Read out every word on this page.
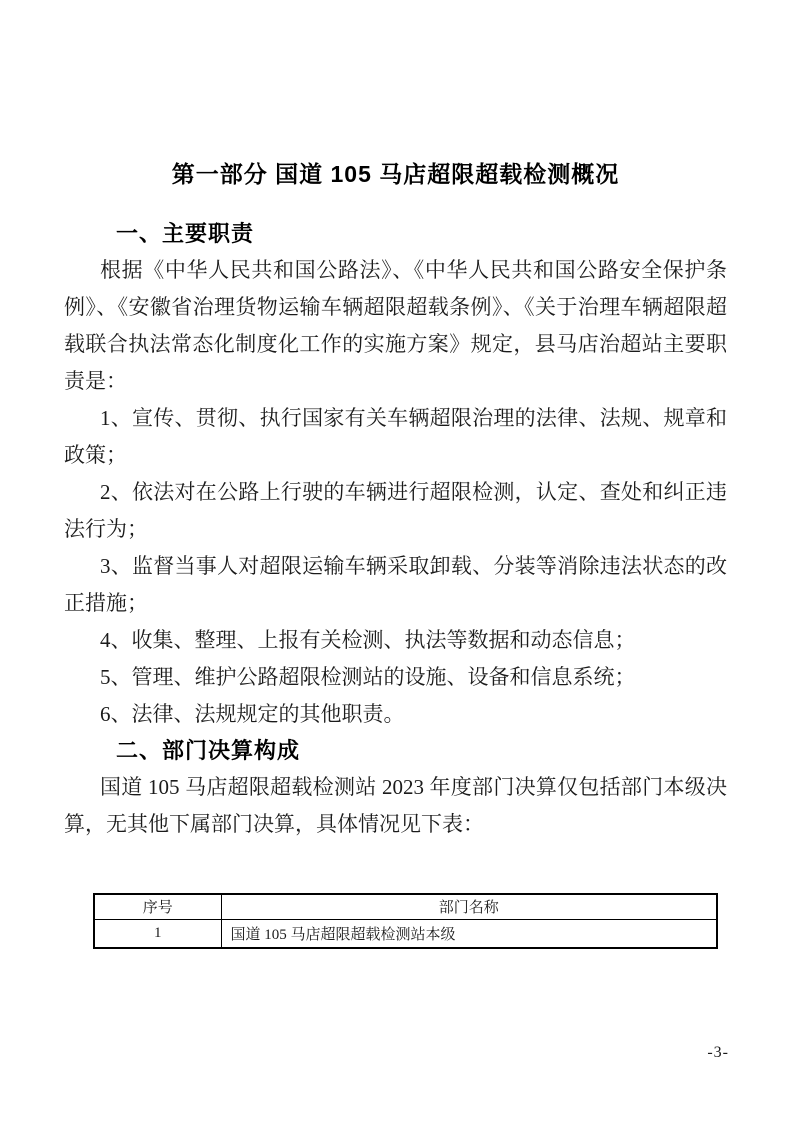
第一部分 国道 105 马店超限超载检测概况
一、主要职责

根据《中华人民共和国公路法》、《中华人民共和国公路安全保护条例》、《安徽省治理货物运输车辆超限超载条例》、《关于治理车辆超限超载联合执法常态化制度化工作的实施方案》规定，县马店治超站主要职责是：

1、宣传、贯彻、执行国家有关车辆超限治理的法律、法规、规章和政策；

2、依法对在公路上行驶的车辆进行超限检测，认定、查处和纠正违法行为；

3、监督当事人对超限运输车辆采取卸载、分装等消除违法状态的改正措施；

4、收集、整理、上报有关检测、执法等数据和动态信息；

5、管理、维护公路超限检测站的设施、设备和信息系统；

6、法律、法规规定的其他职责。

二、部门决算构成

国道 105 马店超限超载检测站 2023 年度部门决算仅包括部门本级决算，无其他下属部门决算，具体情况见下表：

序号	部门名称
1	国道 105 马店超限超载检测站本级
-3-
